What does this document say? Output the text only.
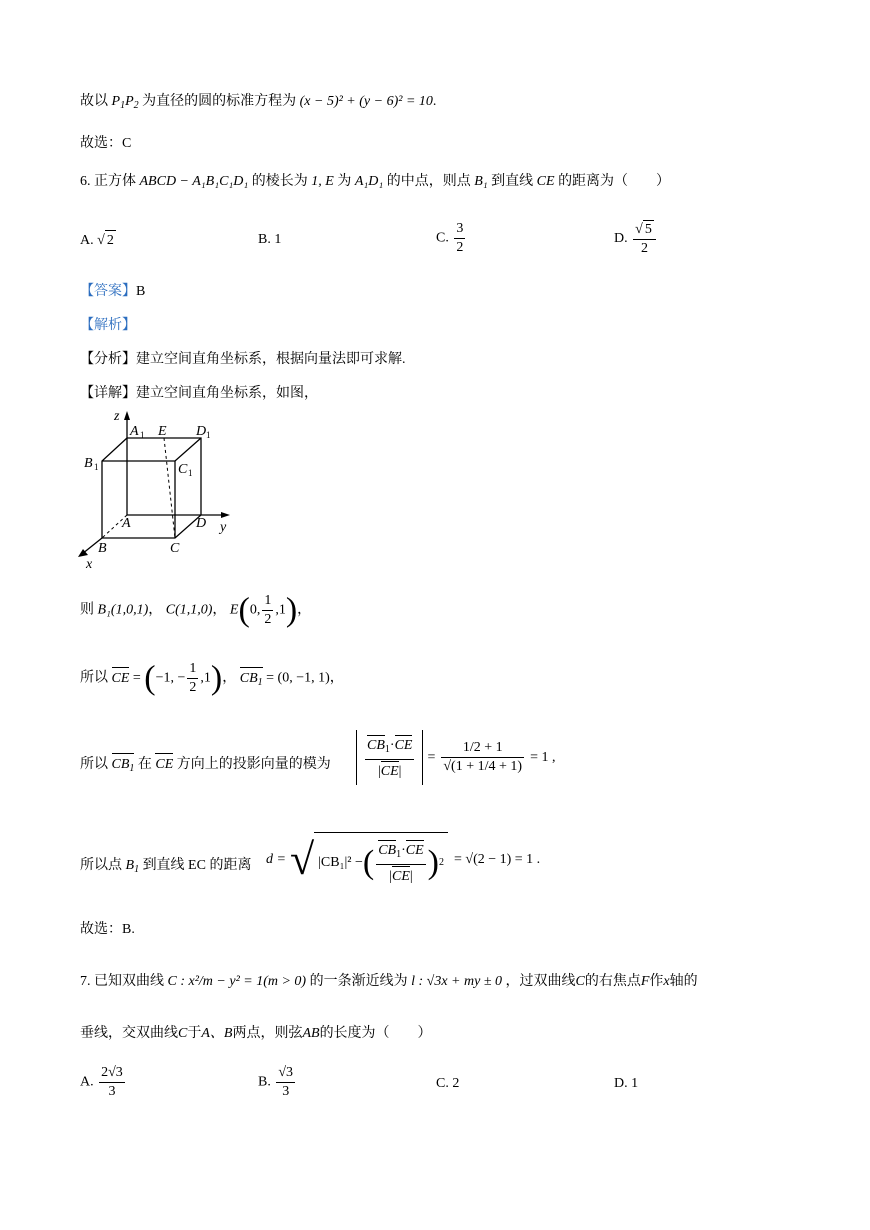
故以 $P_1P_2$ 为直径的圆的标准方程为 (x − 5)² + (y − 6)² = 10.
故选：C
6. 正方体 ABCD − A₁B₁C₁D₁ 的棱长为 1, E 为 A₁D₁ 的中点，则点 B₁ 到直线 CE 的距离为（　　）
A. √ 2	B. 1	C. $\frac{3}{2}$	D. $\frac{√ 5}{2}$
【答案】B
【解析】
【分析】建立空间直角坐标系，根据向量法即可求解.
【详解】建立空间直角坐标系，如图，
z
y
x
A 1 E D 1
B 1	C 1
A	D
B	C
则 B₁(1,0,1)， C(1,1,0)， E(0, $\frac{1}{2} ,1$)，
所以 CE = (−1, − $\frac{1}{2} ,1$)， $CB_1 = (0$, −1, 1)，
所以 $CB_1$ 在 CE 方向上的投影向量的模为 $\frac{CB_1\cdot CE}{|CE|} = \frac{1/2 + 1}{√(1 + 1/4 + 1)} = 1$ ,
所以点 $B_1$ 到直线 EC 的距离 d = √ |CB₁|² − ( $\frac{CB_1\cdot CE}{|CE|}$ ) 2 = √(2 − 1) = 1 .
故选：B.
7. 已知双曲线 C : x²/m − y² = 1(m > 0) 的一条渐近线为 l : √3x + my ± 0 ，过双曲线C的右焦点F作x轴的
垂线，交双曲线C于A、B两点，则弦AB的长度为（　　）
A. $\frac{2√3}{3}$	B. $\frac{√3}{3}$	C. 2	D. 1
